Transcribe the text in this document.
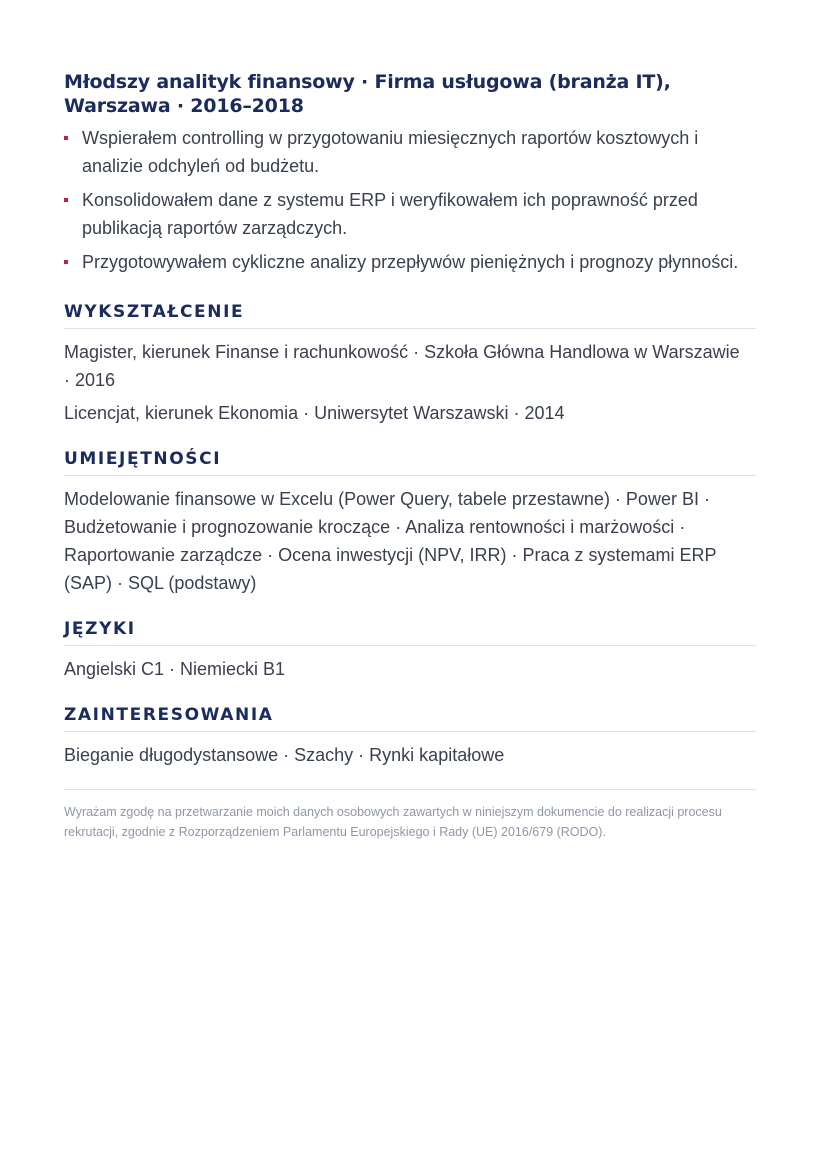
Młodszy analityk finansowy · Firma usługowa (branża IT), Warszawa · 2016–2018
Wspierałem controlling w przygotowaniu miesięcznych raportów kosztowych i analizie odchyleń od budżetu.
Konsolidowałem dane z systemu ERP i weryfikowałem ich poprawność przed publikacją raportów zarządczych.
Przygotowywałem cykliczne analizy przepływów pieniężnych i prognozy płynności.
WYKSZTAŁCENIE
Magister, kierunek Finanse i rachunkowość · Szkoła Główna Handlowa w Warszawie · 2016
Licencjat, kierunek Ekonomia · Uniwersytet Warszawski · 2014
UMIEJĘTNOŚCI
Modelowanie finansowe w Excelu (Power Query, tabele przestawne) · Power BI · Budżetowanie i prognozowanie kroczące · Analiza rentowności i marżowości · Raportowanie zarządcze · Ocena inwestycji (NPV, IRR) · Praca z systemami ERP (SAP) · SQL (podstawy)
JĘZYKI
Angielski C1 · Niemiecki B1
ZAINTERESOWANIA
Bieganie długodystansowe · Szachy · Rynki kapitałowe
Wyrażam zgodę na przetwarzanie moich danych osobowych zawartych w niniejszym dokumencie do realizacji procesu rekrutacji, zgodnie z Rozporządzeniem Parlamentu Europejskiego i Rady (UE) 2016/679 (RODO).
